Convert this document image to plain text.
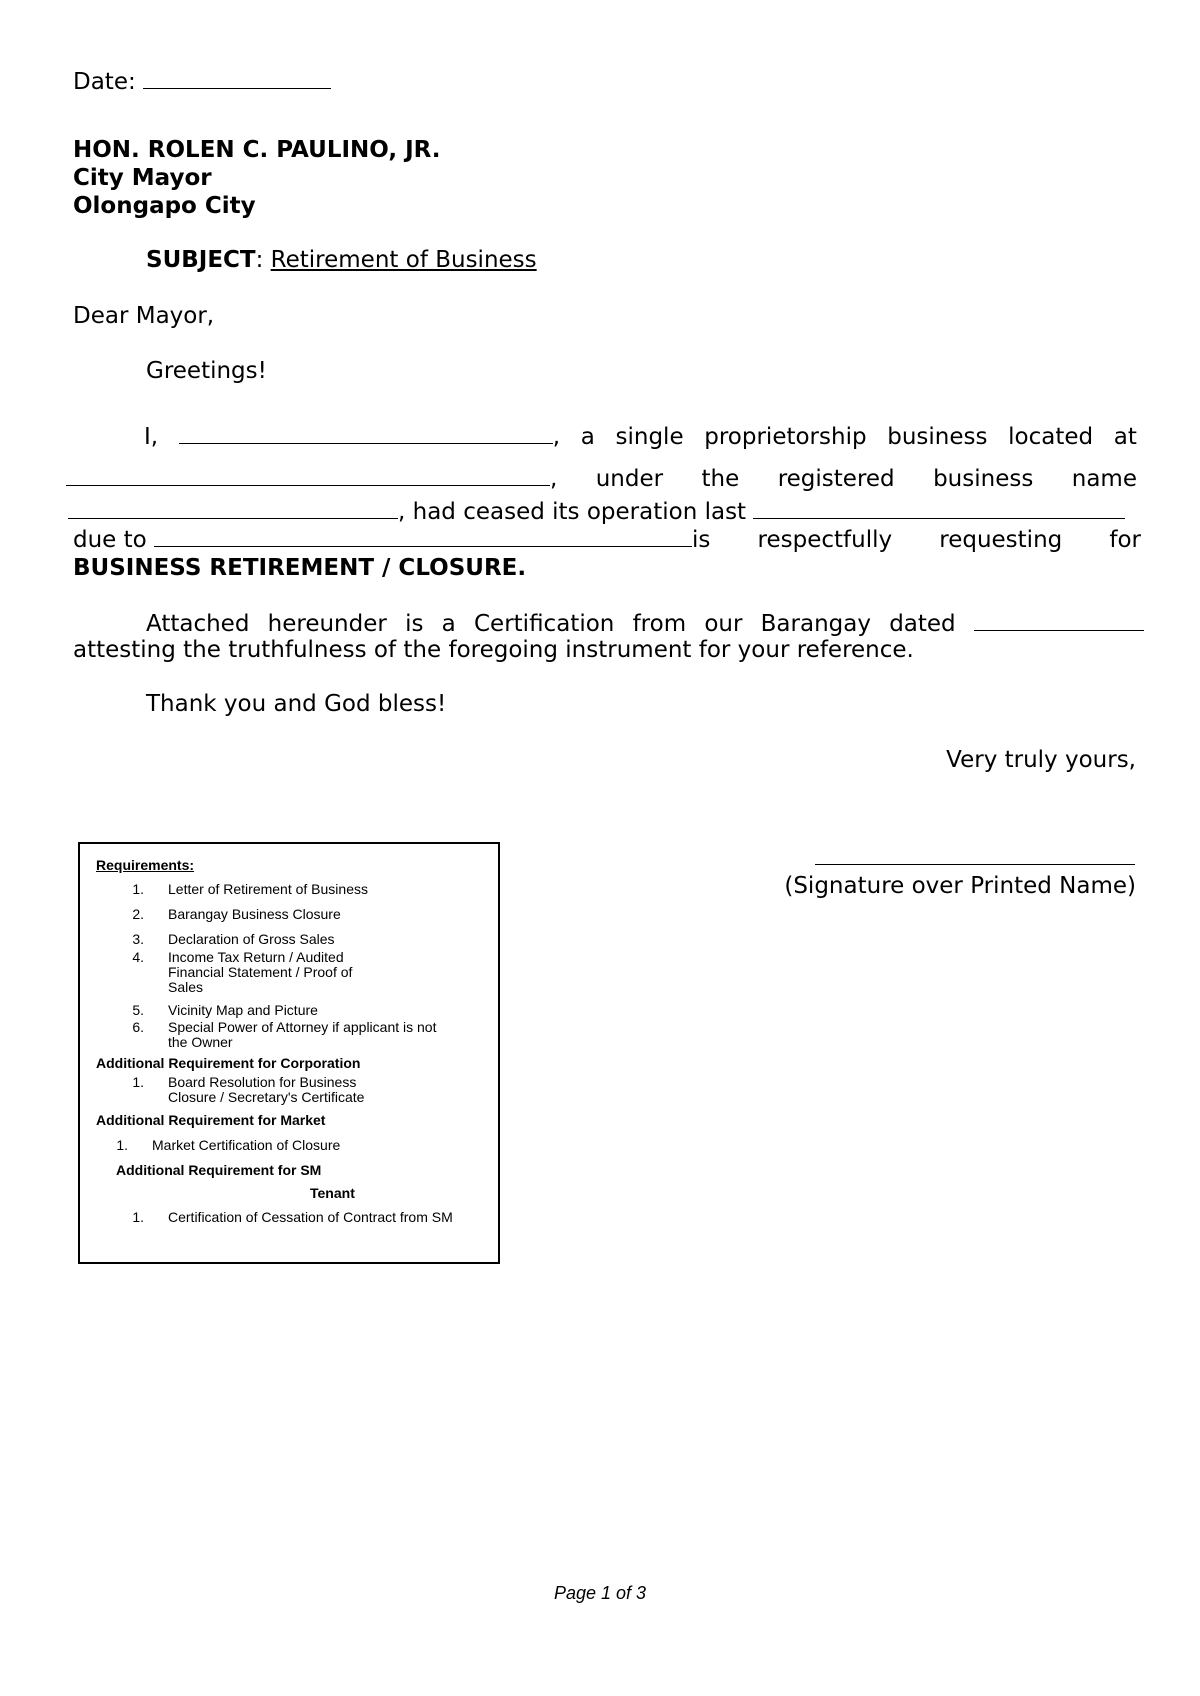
Date:
HON. ROLEN C. PAULINO, JR.
City Mayor
Olongapo City
SUBJECT: Retirement of Business
Dear Mayor,
Greetings!
I,	, a single proprietorship business located at
, under the registered business name
, had ceased its operation last
due to
	is respectfully requesting for
BUSINESS RETIREMENT / CLOSURE.
Attached hereunder is a Certification from our Barangay dated
attesting the truthfulness of the foregoing instrument for your reference.
Thank you and God bless!
Very truly yours,
(Signature over Printed Name)
Requirements:
1. Letter of Retirement of Business
2. Barangay Business Closure
3. Declaration of Gross Sales
4. Income Tax Return / Audited
Financial Statement / Proof of
Sales
5. Vicinity Map and Picture
6. Special Power of Attorney if applicant is not
the Owner
Additional Requirement for Corporation
1. Board Resolution for Business
Closure / Secretary's Certificate
Additional Requirement for Market
1. Market Certification of Closure
Additional Requirement for SM
Tenant
1. Certification of Cessation of Contract from SM
Page 1 of 3
